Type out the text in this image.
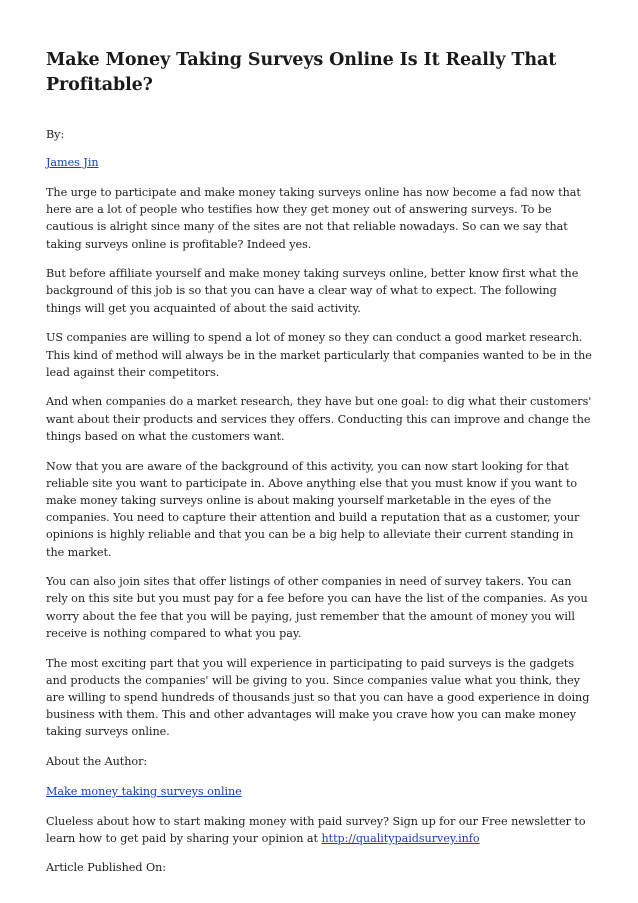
Make Money Taking Surveys Online Is It Really That Profitable?

By:

James Jin

The urge to participate and make money taking surveys online has now become a fad now that here are a lot of people who testifies how they get money out of answering surveys. To be cautious is alright since many of the sites are not that reliable nowadays. So can we say that taking surveys online is profitable? Indeed yes.

But before affiliate yourself and make money taking surveys online, better know first what the background of this job is so that you can have a clear way of what to expect. The following things will get you acquainted of about the said activity.

US companies are willing to spend a lot of money so they can conduct a good market research. This kind of method will always be in the market particularly that companies wanted to be in the lead against their competitors.

And when companies do a market research, they have but one goal: to dig what their customers' want about their products and services they offers. Conducting this can improve and change the things based on what the customers want.

Now that you are aware of the background of this activity, you can now start looking for that reliable site you want to participate in. Above anything else that you must know if you want to make money taking surveys online is about making yourself marketable in the eyes of the companies. You need to capture their attention and build a reputation that as a customer, your opinions is highly reliable and that you can be a big help to alleviate their current standing in the market.

You can also join sites that offer listings of other companies in need of survey takers. You can rely on this site but you must pay for a fee before you can have the list of the companies. As you worry about the fee that you will be paying, just remember that the amount of money you will receive is nothing compared to what you pay.

The most exciting part that you will experience in participating to paid surveys is the gadgets and products the companies' will be giving to you. Since companies value what you think, they are willing to spend hundreds of thousands just so that you can have a good experience in doing business with them. This and other advantages will make you crave how you can make money taking surveys online.

About the Author:

Make money taking surveys online

Clueless about how to start making money with paid survey? Sign up for our Free newsletter to learn how to get paid by sharing your opinion at http://qualitypaidsurvey.info

Article Published On:
